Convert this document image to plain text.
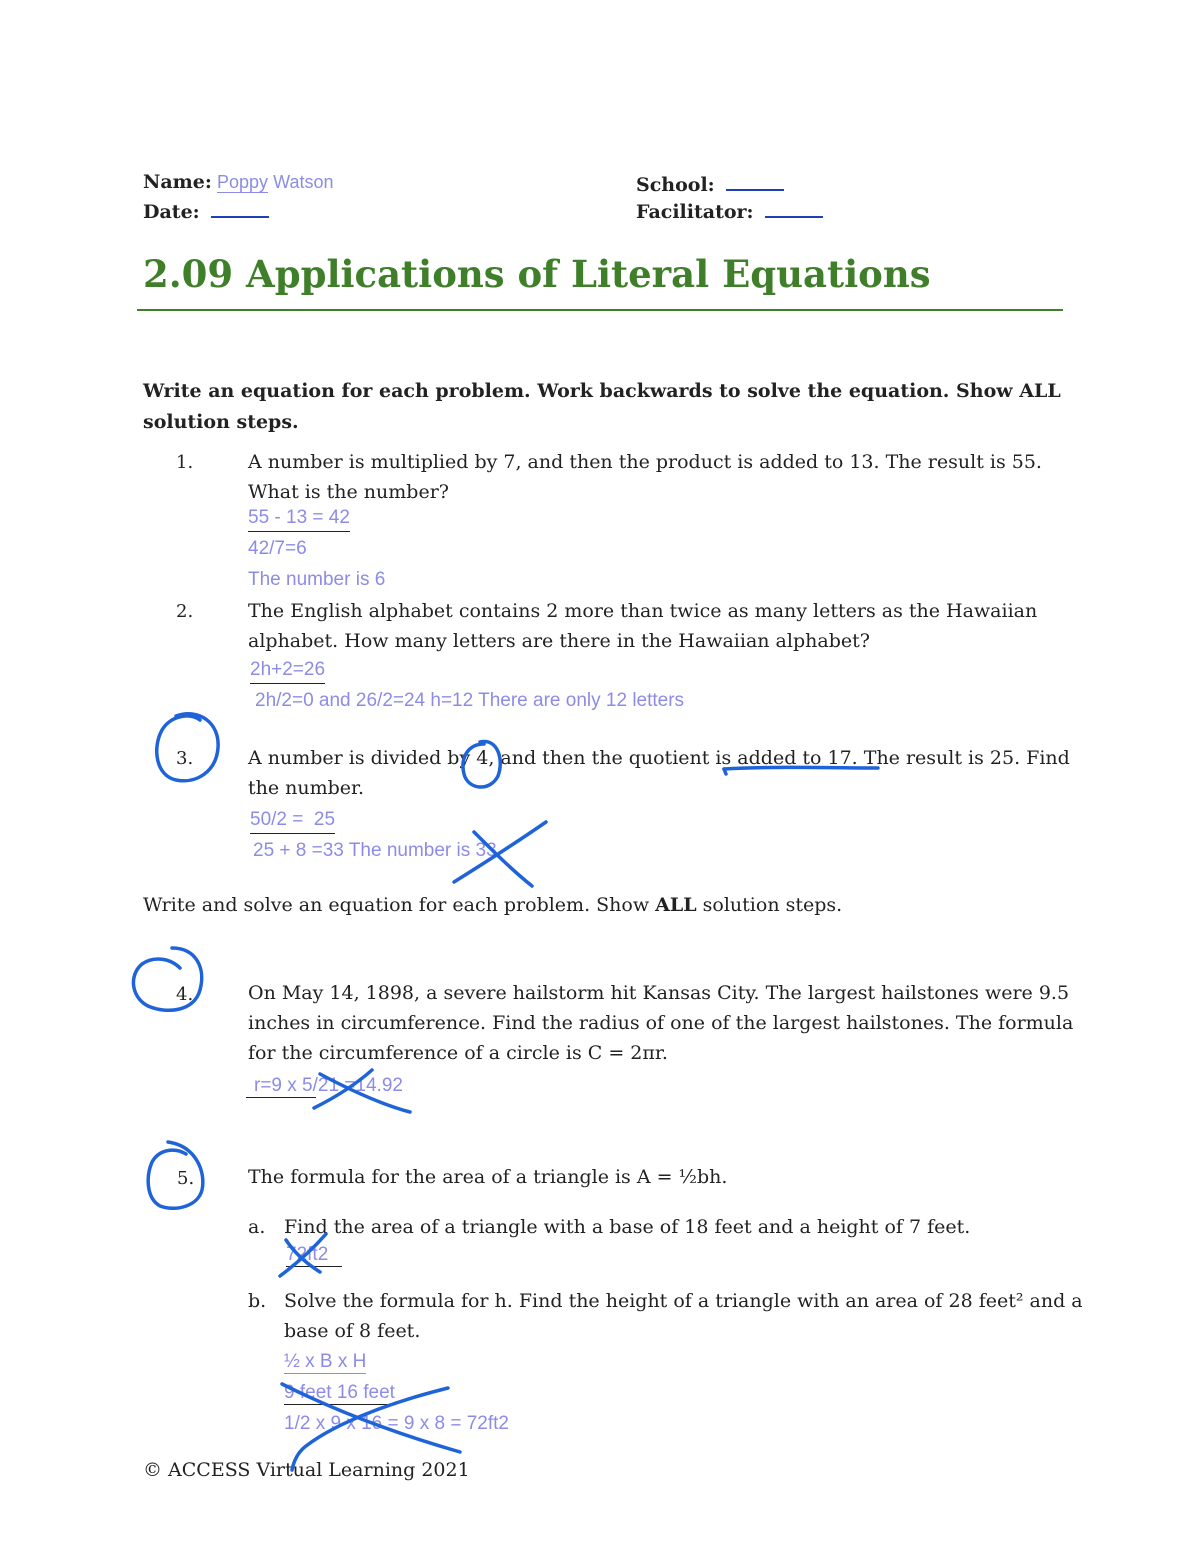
Name: Poppy Watson
Date:
School:
Facilitator:
2.09 Applications of Literal Equations
Write an equation for each problem. Work backwards to solve the equation. Show ALL
solution steps.
1.	A number is multiplied by 7, and then the product is added to 13. The result is 55.
What is the number?
55 - 13 = 42
42/7=6
The number is 6
2.	The English alphabet contains 2 more than twice as many letters as the Hawaiian
alphabet. How many letters are there in the Hawaiian alphabet?
2h+2=26
2h/2=0 and 26/2=24 h=12 There are only 12 letters
3.	A number is divided by 4, and then the quotient is added to 17. The result is 25. Find
the number.
50/2 =  25
25 + 8 =33 The number is 33
Write and solve an equation for each problem. Show ALL solution steps.
4.	On May 14, 1898, a severe hailstorm hit Kansas City. The largest hailstones were 9.5
inches in circumference. Find the radius of one of the largest hailstones. The formula
for the circumference of a circle is C = 2πr.
r=9 x 5/21 =14.92
5.	The formula for the area of a triangle is A = ½bh.
a. Find the area of a triangle with a base of 18 feet and a height of 7 feet.
72ft2
b. Solve the formula for h. Find the height of a triangle with an area of 28 feet² and a
base of 8 feet.
½ x B x H
9 feet 16 feet
1/2 x 9 x 16 = 9 x 8 = 72ft2
© ACCESS Virtual Learning 2021
